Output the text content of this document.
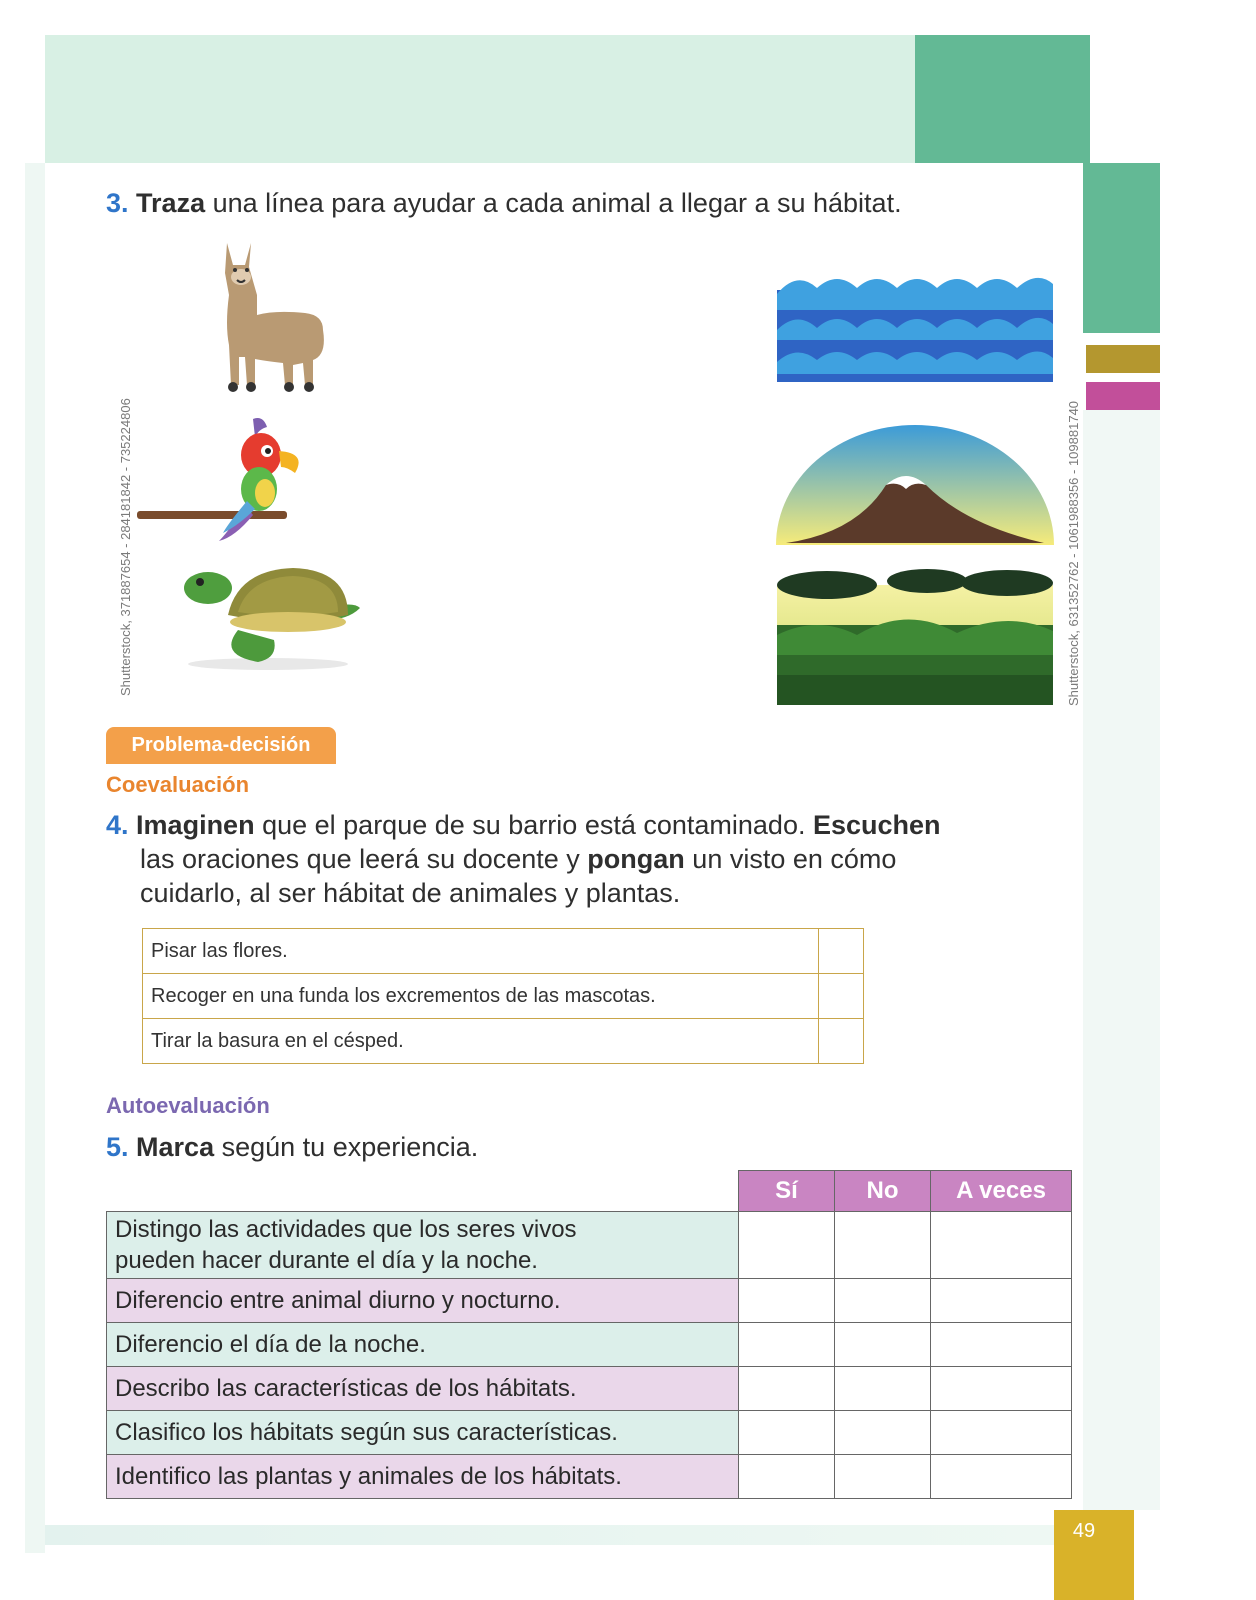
49
3. Traza una línea para ayudar a cada animal a llegar a su hábitat.
Shutterstock, 371887654 - 284181842 - 735224806	Shutterstock, 631352762 - 1061988356 - 109881740
Problema-decisión
Coevaluación
4. Imaginen que el parque de su barrio está contaminado. Escuchen
las oraciones que leerá su docente y pongan un visto en cómo
cuidarlo, al ser hábitat de animales y plantas.
Pisar las flores.	
Recoger en una funda los excrementos de las mascotas.	
Tirar la basura en el césped.	
Autoevaluación
5. Marca según tu experiencia.
	Sí	No	A veces

Distingo las actividades que los seres vivos
pueden hacer durante el día y la noche.			

Diferencio entre animal diurno y nocturno.			
Diferencio el día de la noche.			
Describo las características de los hábitats.			
Clasifico los hábitats según sus características.			
Identifico las plantas y animales de los hábitats.			
